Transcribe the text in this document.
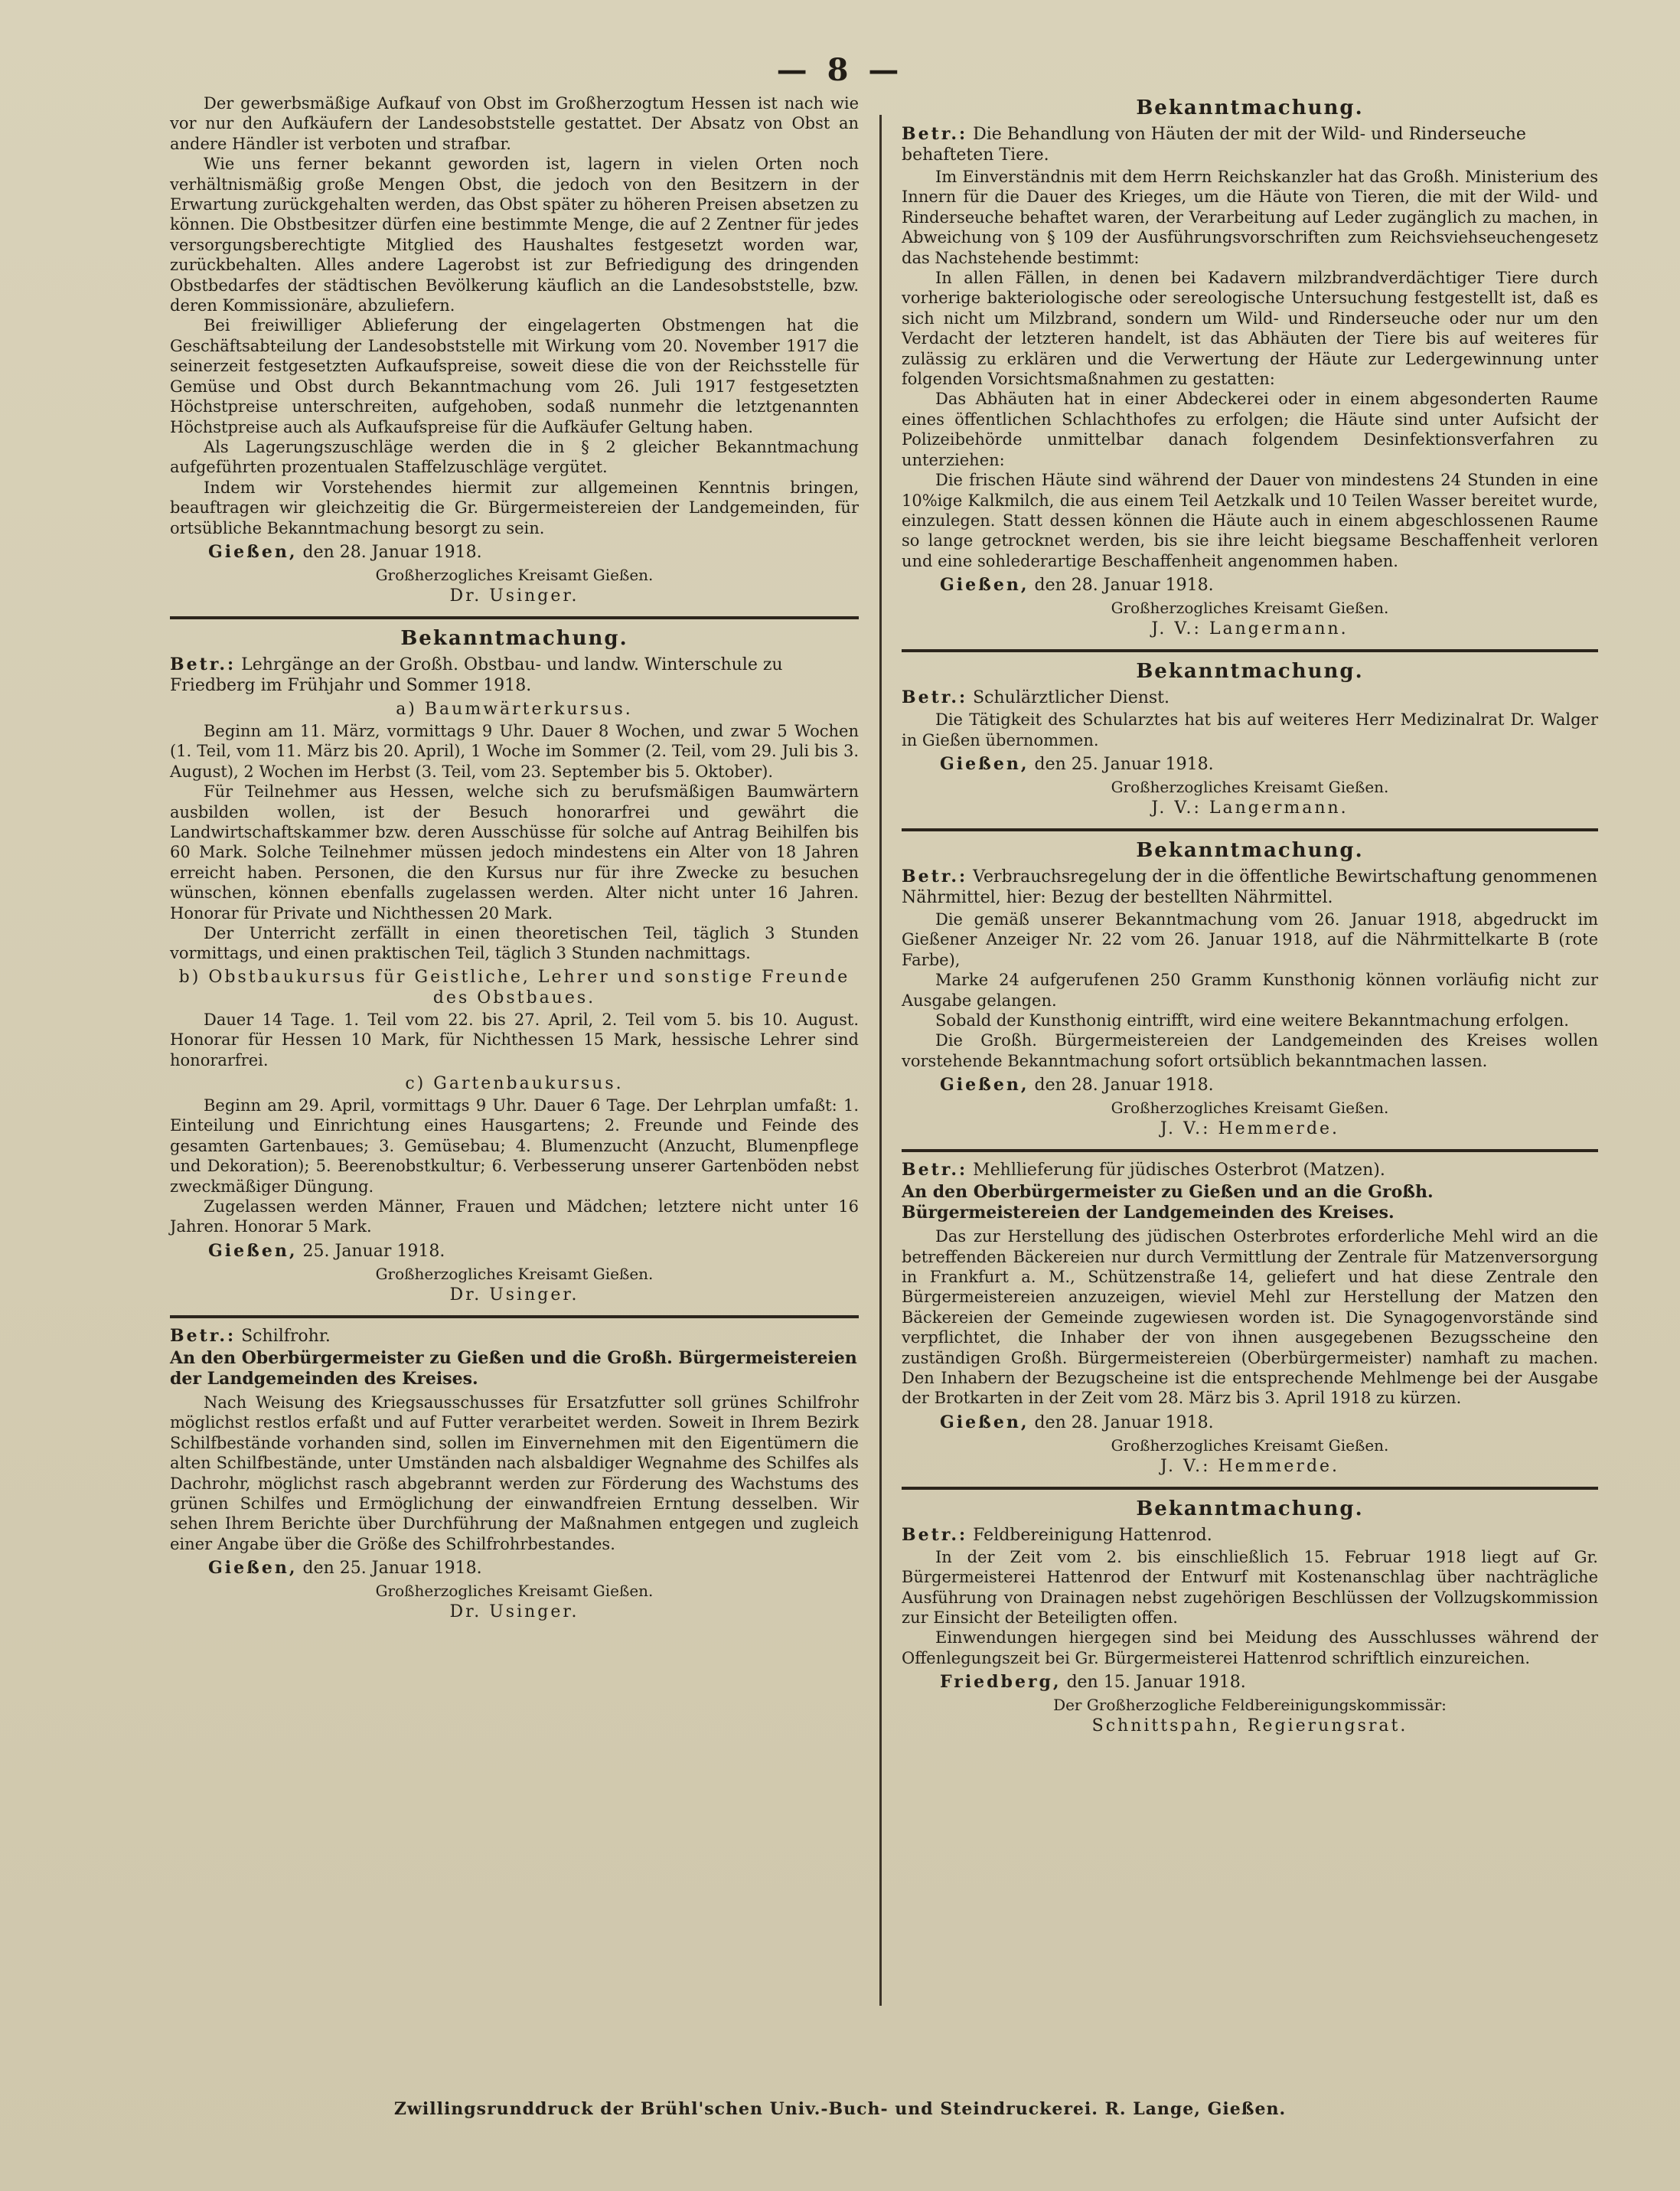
— 8 —

Der gewerbsmäßige Aufkauf von Obst im Großherzogtum Hessen ist nach wie vor nur den Aufkäufern der Landesobststelle gestattet. Der Absatz von Obst an andere Händler ist verboten und strafbar.

Wie uns ferner bekannt geworden ist, lagern in vielen Orten noch verhältnismäßig große Mengen Obst, die jedoch von den Besitzern in der Erwartung zurückgehalten werden, das Obst später zu höheren Preisen absetzen zu können. Die Obstbesitzer dürfen eine bestimmte Menge, die auf 2 Zentner für jedes versorgungsberechtigte Mitglied des Haushaltes festgesetzt worden war, zurückbehalten. Alles andere Lagerobst ist zur Befriedigung des dringenden Obstbedarfes der städtischen Bevölkerung käuflich an die Landesobststelle, bzw. deren Kommissionäre, abzuliefern.

Bei freiwilliger Ablieferung der eingelagerten Obstmengen hat die Geschäftsabteilung der Landesobststelle mit Wirkung vom 20. November 1917 die seinerzeit festgesetzten Aufkaufspreise, soweit diese die von der Reichsstelle für Gemüse und Obst durch Bekanntmachung vom 26. Juli 1917 festgesetzten Höchstpreise unterschreiten, aufgehoben, sodaß nunmehr die letztgenannten Höchstpreise auch als Aufkaufspreise für die Aufkäufer Geltung haben.

Als Lagerungszuschläge werden die in § 2 gleicher Bekanntmachung aufgeführten prozentualen Staffelzuschläge vergütet.

Indem wir Vorstehendes hiermit zur allgemeinen Kenntnis bringen, beauftragen wir gleichzeitig die Gr. Bürgermeistereien der Landgemeinden, für ortsübliche Bekanntmachung besorgt zu sein.

Gießen, den 28. Januar 1918.
Großherzogliches Kreisamt Gießen.
Dr. Usinger.
Bekanntmachung.
Betr.: Lehrgänge an der Großh. Obstbau- und landw. Winterschule zu Friedberg im Frühjahr und Sommer 1918.
a) Baumwärterkursus.

Beginn am 11. März, vormittags 9 Uhr. Dauer 8 Wochen, und zwar 5 Wochen (1. Teil, vom 11. März bis 20. April), 1 Woche im Sommer (2. Teil, vom 29. Juli bis 3. August), 2 Wochen im Herbst (3. Teil, vom 23. September bis 5. Oktober).

Für Teilnehmer aus Hessen, welche sich zu berufsmäßigen Baumwärtern ausbilden wollen, ist der Besuch honorarfrei und gewährt die Landwirtschaftskammer bzw. deren Ausschüsse für solche auf Antrag Beihilfen bis 60 Mark. Solche Teilnehmer müssen jedoch mindestens ein Alter von 18 Jahren erreicht haben. Personen, die den Kursus nur für ihre Zwecke zu besuchen wünschen, können ebenfalls zugelassen werden. Alter nicht unter 16 Jahren. Honorar für Private und Nichthessen 20 Mark.

Der Unterricht zerfällt in einen theoretischen Teil, täglich 3 Stunden vormittags, und einen praktischen Teil, täglich 3 Stunden nachmittags.

b) Obstbaukursus für Geistliche, Lehrer und sonstige Freunde des Obstbaues.

Dauer 14 Tage. 1. Teil vom 22. bis 27. April, 2. Teil vom 5. bis 10. August. Honorar für Hessen 10 Mark, für Nichthessen 15 Mark, hessische Lehrer sind honorarfrei.

c) Gartenbaukursus.

Beginn am 29. April, vormittags 9 Uhr. Dauer 6 Tage. Der Lehrplan umfaßt: 1. Einteilung und Einrichtung eines Hausgartens; 2. Freunde und Feinde des gesamten Gartenbaues; 3. Gemüsebau; 4. Blumenzucht (Anzucht, Blumenpflege und Dekoration); 5. Beerenobstkultur; 6. Verbesserung unserer Gartenböden nebst zweckmäßiger Düngung.

Zugelassen werden Männer, Frauen und Mädchen; letztere nicht unter 16 Jahren. Honorar 5 Mark.

Gießen, 25. Januar 1918.
Großherzogliches Kreisamt Gießen.
Dr. Usinger.
Betr.: Schilfrohr.
An den Oberbürgermeister zu Gießen und die Großh. Bürgermeistereien der Landgemeinden des Kreises.

Nach Weisung des Kriegsausschusses für Ersatzfutter soll grünes Schilfrohr möglichst restlos erfaßt und auf Futter verarbeitet werden. Soweit in Ihrem Bezirk Schilfbestände vorhanden sind, sollen im Einvernehmen mit den Eigentümern die alten Schilfbestände, unter Umständen nach alsbaldiger Wegnahme des Schilfes als Dachrohr, möglichst rasch abgebrannt werden zur Förderung des Wachstums des grünen Schilfes und Ermöglichung der einwandfreien Erntung desselben. Wir sehen Ihrem Berichte über Durchführung der Maßnahmen entgegen und zugleich einer Angabe über die Größe des Schilfrohrbestandes.

Gießen, den 25. Januar 1918.
Großherzogliches Kreisamt Gießen.
Dr. Usinger.
Bekanntmachung.
Betr.: Die Behandlung von Häuten der mit der Wild- und Rinderseuche behafteten Tiere.

Im Einverständnis mit dem Herrn Reichskanzler hat das Großh. Ministerium des Innern für die Dauer des Krieges, um die Häute von Tieren, die mit der Wild- und Rinderseuche behaftet waren, der Verarbeitung auf Leder zugänglich zu machen, in Abweichung von § 109 der Ausführungsvorschriften zum Reichsviehseuchengesetz das Nachstehende bestimmt:

In allen Fällen, in denen bei Kadavern milzbrandverdächtiger Tiere durch vorherige bakteriologische oder sereologische Untersuchung festgestellt ist, daß es sich nicht um Milzbrand, sondern um Wild- und Rinderseuche oder nur um den Verdacht der letzteren handelt, ist das Abhäuten der Tiere bis auf weiteres für zulässig zu erklären und die Verwertung der Häute zur Ledergewinnung unter folgenden Vorsichtsmaßnahmen zu gestatten:

Das Abhäuten hat in einer Abdeckerei oder in einem abgesonderten Raume eines öffentlichen Schlachthofes zu erfolgen; die Häute sind unter Aufsicht der Polizeibehörde unmittelbar danach folgendem Desinfektionsverfahren zu unterziehen:

Die frischen Häute sind während der Dauer von mindestens 24 Stunden in eine 10%ige Kalkmilch, die aus einem Teil Aetzkalk und 10 Teilen Wasser bereitet wurde, einzulegen. Statt dessen können die Häute auch in einem abgeschlossenen Raume so lange getrocknet werden, bis sie ihre leicht biegsame Beschaffenheit verloren und eine sohlederartige Beschaffenheit angenommen haben.

Gießen, den 28. Januar 1918.
Großherzogliches Kreisamt Gießen.
J. V.: Langermann.
Bekanntmachung.
Betr.: Schulärztlicher Dienst.

Die Tätigkeit des Schularztes hat bis auf weiteres Herr Medizinalrat Dr. Walger in Gießen übernommen.

Gießen, den 25. Januar 1918.
Großherzogliches Kreisamt Gießen.
J. V.: Langermann.
Bekanntmachung.
Betr.: Verbrauchsregelung der in die öffentliche Bewirtschaftung genommenen Nährmittel, hier: Bezug der bestellten Nährmittel.

Die gemäß unserer Bekanntmachung vom 26. Januar 1918, abgedruckt im Gießener Anzeiger Nr. 22 vom 26. Januar 1918, auf die Nährmittelkarte B (rote Farbe),

Marke 24 aufgerufenen 250 Gramm Kunsthonig können vorläufig nicht zur Ausgabe gelangen.

Sobald der Kunsthonig eintrifft, wird eine weitere Bekanntmachung erfolgen.

Die Großh. Bürgermeistereien der Landgemeinden des Kreises wollen vorstehende Bekanntmachung sofort ortsüblich bekanntmachen lassen.

Gießen, den 28. Januar 1918.
Großherzogliches Kreisamt Gießen.
J. V.: Hemmerde.
Betr.: Mehllieferung für jüdisches Osterbrot (Matzen).
An den Oberbürgermeister zu Gießen und an die Großh. Bürgermeistereien der Landgemeinden des Kreises.

Das zur Herstellung des jüdischen Osterbrotes erforderliche Mehl wird an die betreffenden Bäckereien nur durch Vermittlung der Zentrale für Matzenversorgung in Frankfurt a. M., Schützenstraße 14, geliefert und hat diese Zentrale den Bürgermeistereien anzuzeigen, wieviel Mehl zur Herstellung der Matzen den Bäckereien der Gemeinde zugewiesen worden ist. Die Synagogenvorstände sind verpflichtet, die Inhaber der von ihnen ausgegebenen Bezugsscheine den zuständigen Großh. Bürgermeistereien (Oberbürgermeister) namhaft zu machen. Den Inhabern der Bezugscheine ist die entsprechende Mehlmenge bei der Ausgabe der Brotkarten in der Zeit vom 28. März bis 3. April 1918 zu kürzen.

Gießen, den 28. Januar 1918.
Großherzogliches Kreisamt Gießen.
J. V.: Hemmerde.
Bekanntmachung.
Betr.: Feldbereinigung Hattenrod.

In der Zeit vom 2. bis einschließlich 15. Februar 1918 liegt auf Gr. Bürgermeisterei Hattenrod der Entwurf mit Kostenanschlag über nachträgliche Ausführung von Drainagen nebst zugehörigen Beschlüssen der Vollzugskommission zur Einsicht der Beteiligten offen.

Einwendungen hiergegen sind bei Meidung des Ausschlusses während der Offenlegungszeit bei Gr. Bürgermeisterei Hattenrod schriftlich einzureichen.

Friedberg, den 15. Januar 1918.
Der Großherzogliche Feldbereinigungskommissär:
Schnittspahn, Regierungsrat.
Zwillingsrunddruck der Brühl'schen Univ.-Buch- und Steindruckerei. R. Lange, Gießen.
